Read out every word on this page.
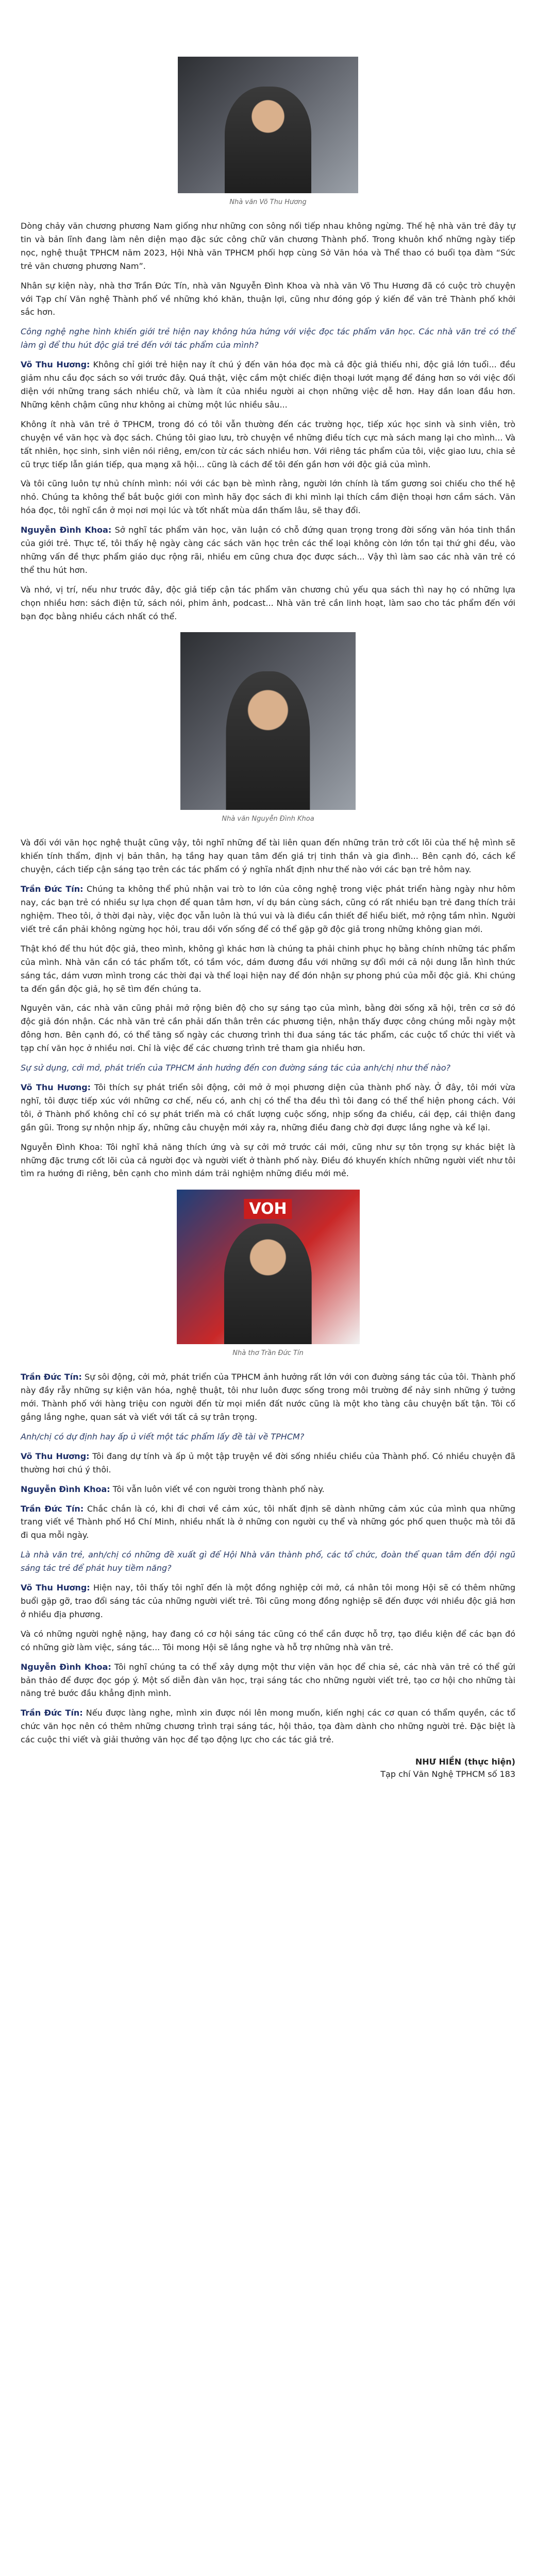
Nhà văn Võ Thu Hương

Dòng chảy văn chương phương Nam giống như những con sông nối tiếp nhau không ngừng. Thế hệ nhà văn trẻ đây tự tin và bản lĩnh đang làm nên diện mạo đặc sức công chữ văn chương Thành phố. Trong khuôn khổ những ngày tiếp nọc, nghệ thuật TPHCM năm 2023, Hội Nhà văn TPHCM phối hợp cùng Sở Văn hóa và Thể thao có buổi tọa đàm “Sức trẻ văn chương phương Nam”.

Nhân sự kiện này, nhà thơ Trần Đức Tín, nhà văn Nguyễn Đình Khoa và nhà văn Võ Thu Hương đã có cuộc trò chuyện với Tạp chí Văn nghệ Thành phố về những khó khăn, thuận lợi, cũng như đóng góp ý kiến để văn trẻ Thành phố khởi sắc hơn.

Công nghệ nghe hình khiến giới trẻ hiện nay không hứa hứng với việc đọc tác phẩm văn học. Các nhà văn trẻ có thể làm gì để thu hút độc giả trẻ đến với tác phẩm của mình?

Võ Thu Hương: Không chỉ giới trẻ hiện nay ít chú ý đến văn hóa đọc mà cả độc giả thiếu nhi, độc giả lớn tuổi... đều giảm nhu cầu đọc sách so với trước đây. Quá thật, việc cầm một chiếc điện thoại lướt mạng để đáng hơn so với việc đối diện với những trang sách nhiều chữ, và làm ít của nhiều người ai chọn những việc dễ hơn. Hay dần loan đầu hơn. Những kênh chậm cũng như không ai chừng một lúc nhiều sâu...

Không ít nhà văn trẻ ở TPHCM, trong đó có tôi vẫn thường đến các trường học, tiếp xúc học sinh và sinh viên, trò chuyện về văn học và đọc sách. Chúng tôi giao lưu, trò chuyện về những điều tích cực mà sách mang lại cho mình... Và tất nhiên, học sinh, sinh viên nói riêng, em/con từ các sách nhiều hơn. Với riêng tác phẩm của tôi, việc giao lưu, chia sẻ cũ trực tiếp lẫn gián tiếp, qua mạng xã hội... cũng là cách để tôi đến gần hơn với độc giả của mình.

Và tôi cũng luôn tự nhủ chính mình: nói với các bạn bè mình rằng, người lớn chính là tấm gương soi chiếu cho thế hệ nhỏ. Chúng ta không thể bắt buộc giới con mình hãy đọc sách đi khi mình lại thích cầm điện thoại hơn cầm sách. Văn hóa đọc, tôi nghĩ cần ở mọi nơi mọi lúc và tốt nhất mùa dần thấm lâu, sẽ thay đổi.

Nguyễn Đình Khoa: Sở nghĩ tác phẩm văn học, văn luận có chỗ đứng quan trọng trong đời sống văn hóa tinh thần của giới trẻ. Thực tế, tôi thấy hệ ngày càng các sách văn học trên các thể loại không còn lớn tồn tại thứ ghi đều, vào những vấn đề thực phẩm giáo dục rộng rãi, nhiều em cũng chưa đọc được sách... Vậy thì làm sao các nhà văn trẻ có thể thu hút hơn.

Và nhớ, vị trí, nếu như trước đây, độc giả tiếp cận tác phẩm văn chương chủ yếu qua sách thì nay họ có những lựa chọn nhiều hơn: sách điện tử, sách nói, phim ảnh, podcast... Nhà văn trẻ cần linh hoạt, làm sao cho tác phẩm đến với bạn đọc bằng nhiều cách nhất có thể.

Nhà văn Nguyễn Đình Khoa

Và đối với văn học nghệ thuật cũng vậy, tôi nghĩ những để tài liên quan đến những trăn trở cốt lõi của thế hệ mình sẽ khiến tính thẩm, định vị bản thân, hạ tầng hay quan tâm đến giá trị tinh thần và gia đình... Bên cạnh đó, cách kể chuyện, cách tiếp cận sáng tạo trên các tác phẩm có ý nghĩa nhất định như thế nào với các bạn trẻ hôm nay.

Trần Đức Tín: Chúng ta không thể phủ nhận vai trò to lớn của công nghệ trong việc phát triển hàng ngày như hôm nay, các bạn trẻ có nhiều sự lựa chọn để quan tâm hơn, ví dụ bán cùng sách, cũng có rất nhiều bạn trẻ đang thích trải nghiệm. Theo tôi, ở thời đại này, việc đọc vẫn luôn là thú vui và là điều cần thiết để hiểu biết, mở rộng tầm nhìn. Người viết trẻ cần phải không ngừng học hỏi, trau dồi vốn sống để có thể gặp gỡ độc giả trong những không gian mới.

Thật khó để thu hút độc giả, theo mình, không gì khác hơn là chúng ta phải chinh phục họ bằng chính những tác phẩm của mình. Nhà văn cần có tác phẩm tốt, có tầm vóc, dám đương đầu với những sự đổi mới cả nội dung lẫn hình thức sáng tác, dám vươn mình trong các thời đại và thể loại hiện nay để đón nhận sự phong phú của mỗi độc giả. Khi chúng ta đến gần độc giả, họ sẽ tìm đến chúng ta.

Nguyên văn, các nhà văn cũng phải mở rộng biên độ cho sự sáng tạo của mình, bằng đời sống xã hội, trên cơ sở đó độc giả đón nhận. Các nhà văn trẻ cần phải dấn thân trên các phương tiện, nhận thấy được công chúng mỗi ngày một đông hơn. Bên cạnh đó, có thể tăng số ngày các chương trình thi đua sáng tác tác phẩm, các cuộc tổ chức thi viết và tạp chí văn học ở nhiều nơi. Chỉ là việc để các chương trình trẻ tham gia nhiều hơn.

Sự sử dụng, cởi mở, phát triển của TPHCM ảnh hưởng đến con đường sáng tác của anh/chị như thế nào?

Võ Thu Hương: Tôi thích sự phát triển sôi động, cởi mở ở mọi phương diện của thành phố này. Ở đây, tôi mới vừa nghĩ, tôi được tiếp xúc với những cơ chế, nếu có, anh chị có thể tha đều thì tôi đang có thể thể hiện phong cách. Với tôi, ở Thành phố không chỉ có sự phát triển mà có chất lượng cuộc sống, nhịp sống đa chiều, cái đẹp, cái thiện đang gần gũi. Trong sự nhộn nhịp ấy, những câu chuyện mới xảy ra, những điều đang chờ đợi được lắng nghe và kể lại.

Nguyễn Đình Khoa: Tôi nghĩ khả năng thích ứng và sự cởi mở trước cái mới, cũng như sự tôn trọng sự khác biệt là những đặc trưng cốt lõi của cả người đọc và người viết ở thành phố này. Điều đó khuyến khích những người viết như tôi tìm ra hướng đi riêng, bên cạnh cho mình dám trải nghiệm những điều mới mẻ.

VOH
Nhà thơ Trần Đức Tín

Trần Đức Tín: Sự sôi động, cởi mở, phát triển của TPHCM ảnh hưởng rất lớn với con đường sáng tác của tôi. Thành phố này đầy rẫy những sự kiện văn hóa, nghệ thuật, tôi như luôn được sống trong môi trường để nảy sinh những ý tưởng mới. Thành phố với hàng triệu con người đến từ mọi miền đất nước cũng là một kho tàng câu chuyện bất tận. Tôi cố gắng lắng nghe, quan sát và viết với tất cả sự trân trọng.

Anh/chị có dự định hay ấp ủ viết một tác phẩm lấy đề tài về TPHCM?

Võ Thu Hương: Tôi đang dự tính và ấp ủ một tập truyện về đời sống nhiều chiều của Thành phố. Có nhiều chuyện đã thường hơi chú ý thôi.

Nguyễn Đình Khoa: Tôi vẫn luôn viết về con người trong thành phố này.

Trần Đức Tín: Chắc chắn là có, khi đi chơi về cảm xúc, tôi nhất định sẽ dành những cảm xúc của mình qua những trang viết về Thành phố Hồ Chí Minh, nhiều nhất là ở những con người cụ thể và những góc phố quen thuộc mà tôi đã đi qua mỗi ngày.

Là nhà văn trẻ, anh/chị có những đề xuất gì để Hội Nhà văn thành phố, các tổ chức, đoàn thể quan tâm đến đội ngũ sáng tác trẻ để phát huy tiềm năng?

Võ Thu Hương: Hiện nay, tôi thấy tôi nghĩ đến là một đồng nghiệp cởi mở, cá nhân tôi mong Hội sẽ có thêm những buổi gặp gỡ, trao đổi sáng tác của những người viết trẻ. Tôi cũng mong đồng nghiệp sẽ đến được với nhiều độc giả hơn ở nhiều địa phương.

Và có những người nghệ nặng, hay đang có cơ hội sáng tác cũng có thể cần được hỗ trợ, tạo điều kiện để các bạn đó có những giờ làm việc, sáng tác... Tôi mong Hội sẽ lắng nghe và hỗ trợ những nhà văn trẻ.

Nguyễn Đình Khoa: Tôi nghĩ chúng ta có thể xây dựng một thư viện văn học để chia sẻ, các nhà văn trẻ có thể gửi bản thảo để được đọc góp ý. Một số diễn đàn văn học, trại sáng tác cho những người viết trẻ, tạo cơ hội cho những tài năng trẻ bước đầu khẳng định mình.

Trần Đức Tín: Nếu được làng nghe, mình xin được nói lên mong muốn, kiến nghị các cơ quan có thẩm quyền, các tổ chức văn học nên có thêm những chương trình trại sáng tác, hội thảo, tọa đàm dành cho những người trẻ. Đặc biệt là các cuộc thi viết và giải thưởng văn học để tạo động lực cho các tác giả trẻ.

NHƯ HIỀN (thực hiện)
Tạp chí Văn Nghệ TPHCM số 183
